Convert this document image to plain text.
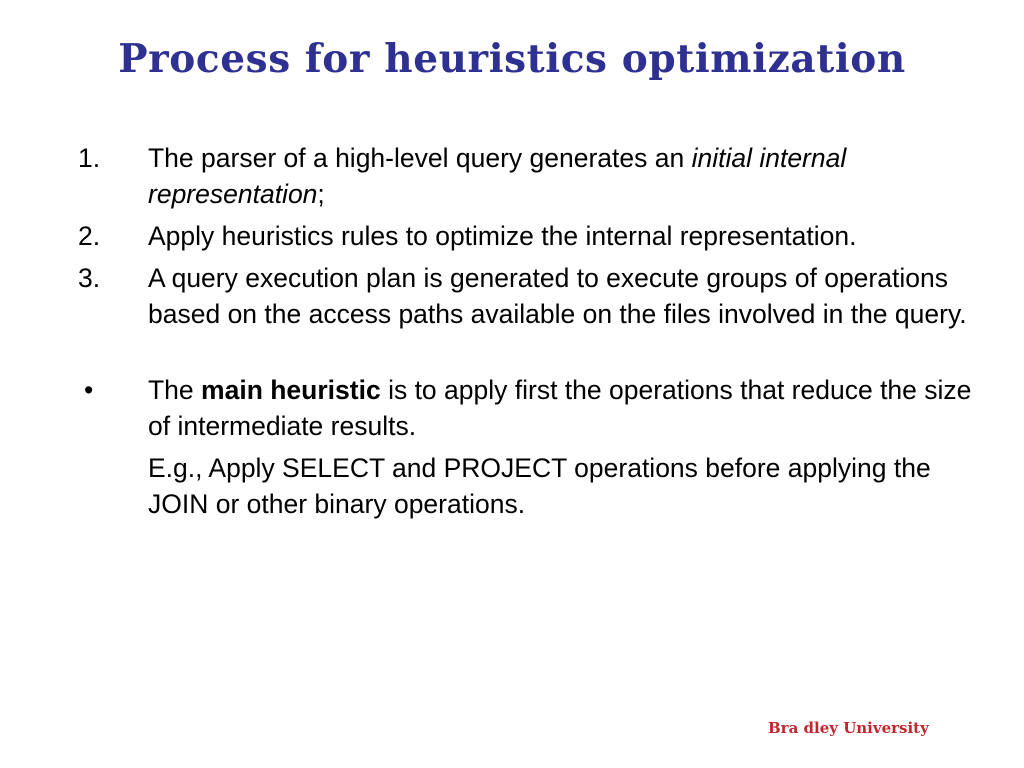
Process for heuristics optimization
1.	The parser of a high-level query generates an initial internal representation;
2.	Apply heuristics rules to optimize the internal representation.
3.	A query execution plan is generated to execute groups of operations based on the access paths available on the files involved in the query.
•	The main heuristic is to apply first the operations that reduce the size of intermediate results.
E.g., Apply SELECT and PROJECT operations before applying the JOIN or other binary operations.
Bra dley University
